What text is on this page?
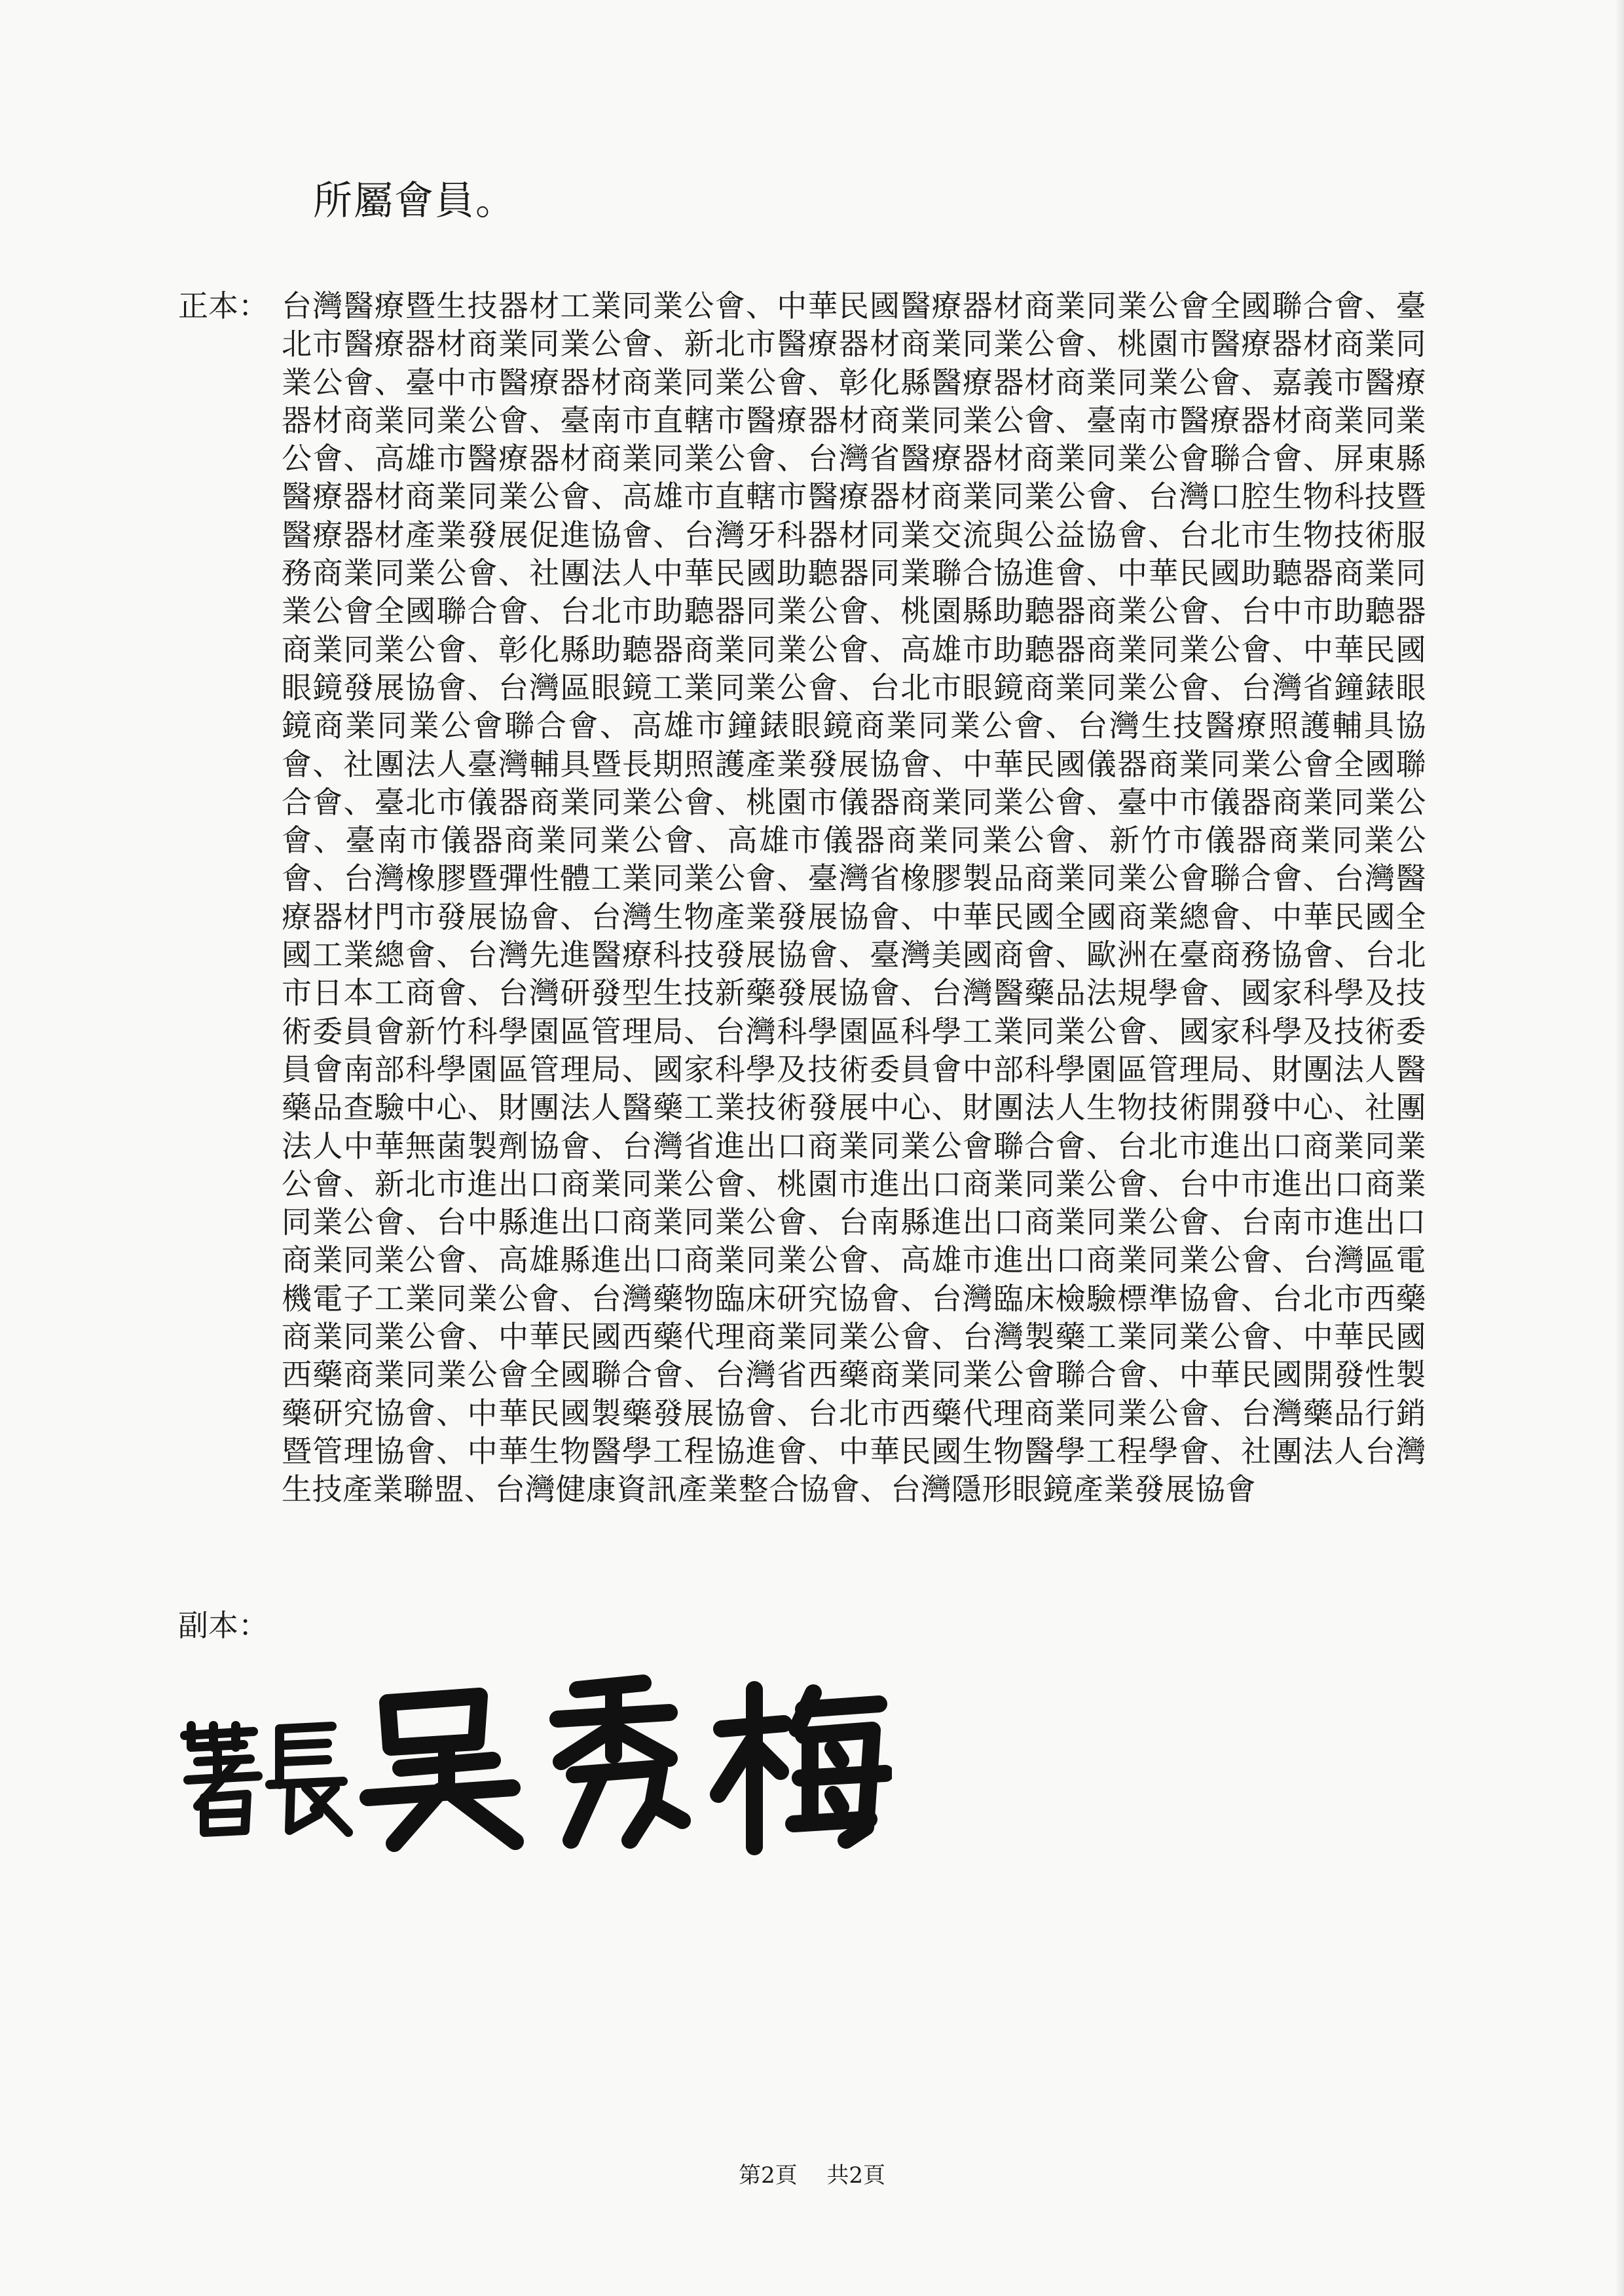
所屬會員。
正本： 台灣醫療暨生技器材工業同業公會、中華民國醫療器材商業同業公會全國聯合會、臺北市醫療器材商業同業公會、新北市醫療器材商業同業公會、桃園市醫療器材商業同業公會、臺中市醫療器材商業同業公會、彰化縣醫療器材商業同業公會、嘉義市醫療器材商業同業公會、臺南市直轄市醫療器材商業同業公會、臺南市醫療器材商業同業公會、高雄市醫療器材商業同業公會、台灣省醫療器材商業同業公會聯合會、屏東縣醫療器材商業同業公會、高雄市直轄市醫療器材商業同業公會、台灣口腔生物科技暨醫療器材產業發展促進協會、台灣牙科器材同業交流與公益協會、台北市生物技術服務商業同業公會、社團法人中華民國助聽器同業聯合協進會、中華民國助聽器商業同業公會全國聯合會、台北市助聽器同業公會、桃園縣助聽器商業公會、台中市助聽器商業同業公會、彰化縣助聽器商業同業公會、高雄市助聽器商業同業公會、中華民國眼鏡發展協會、台灣區眼鏡工業同業公會、台北市眼鏡商業同業公會、台灣省鐘錶眼鏡商業同業公會聯合會、高雄市鐘錶眼鏡商業同業公會、台灣生技醫療照護輔具協會、社團法人臺灣輔具暨長期照護產業發展協會、中華民國儀器商業同業公會全國聯合會、臺北市儀器商業同業公會、桃園市儀器商業同業公會、臺中市儀器商業同業公會、臺南市儀器商業同業公會、高雄市儀器商業同業公會、新竹市儀器商業同業公會、台灣橡膠暨彈性體工業同業公會、臺灣省橡膠製品商業同業公會聯合會、台灣醫療器材門市發展協會、台灣生物產業發展協會、中華民國全國商業總會、中華民國全國工業總會、台灣先進醫療科技發展協會、臺灣美國商會、歐洲在臺商務協會、台北市日本工商會、台灣研發型生技新藥發展協會、台灣醫藥品法規學會、國家科學及技術委員會新竹科學園區管理局、台灣科學園區科學工業同業公會、國家科學及技術委員會南部科學園區管理局、國家科學及技術委員會中部科學園區管理局、財團法人醫藥品查驗中心、財團法人醫藥工業技術發展中心、財團法人生物技術開發中心、社團法人中華無菌製劑協會、台灣省進出口商業同業公會聯合會、台北市進出口商業同業公會、新北市進出口商業同業公會、桃園市進出口商業同業公會、台中市進出口商業同業公會、台中縣進出口商業同業公會、台南縣進出口商業同業公會、台南市進出口商業同業公會、高雄縣進出口商業同業公會、高雄市進出口商業同業公會、台灣區電機電子工業同業公會、台灣藥物臨床研究協會、台灣臨床檢驗標準協會、台北市西藥商業同業公會、中華民國西藥代理商業同業公會、台灣製藥工業同業公會、中華民國西藥商業同業公會全國聯合會、台灣省西藥商業同業公會聯合會、中華民國開發性製藥研究協會、中華民國製藥發展協會、台北市西藥代理商業同業公會、台灣藥品行銷暨管理協會、中華生物醫學工程協進會、中華民國生物醫學工程學會、社團法人台灣生技產業聯盟、台灣健康資訊產業整合協會、台灣隱形眼鏡產業發展協會

副本：
第2頁　 共2頁
